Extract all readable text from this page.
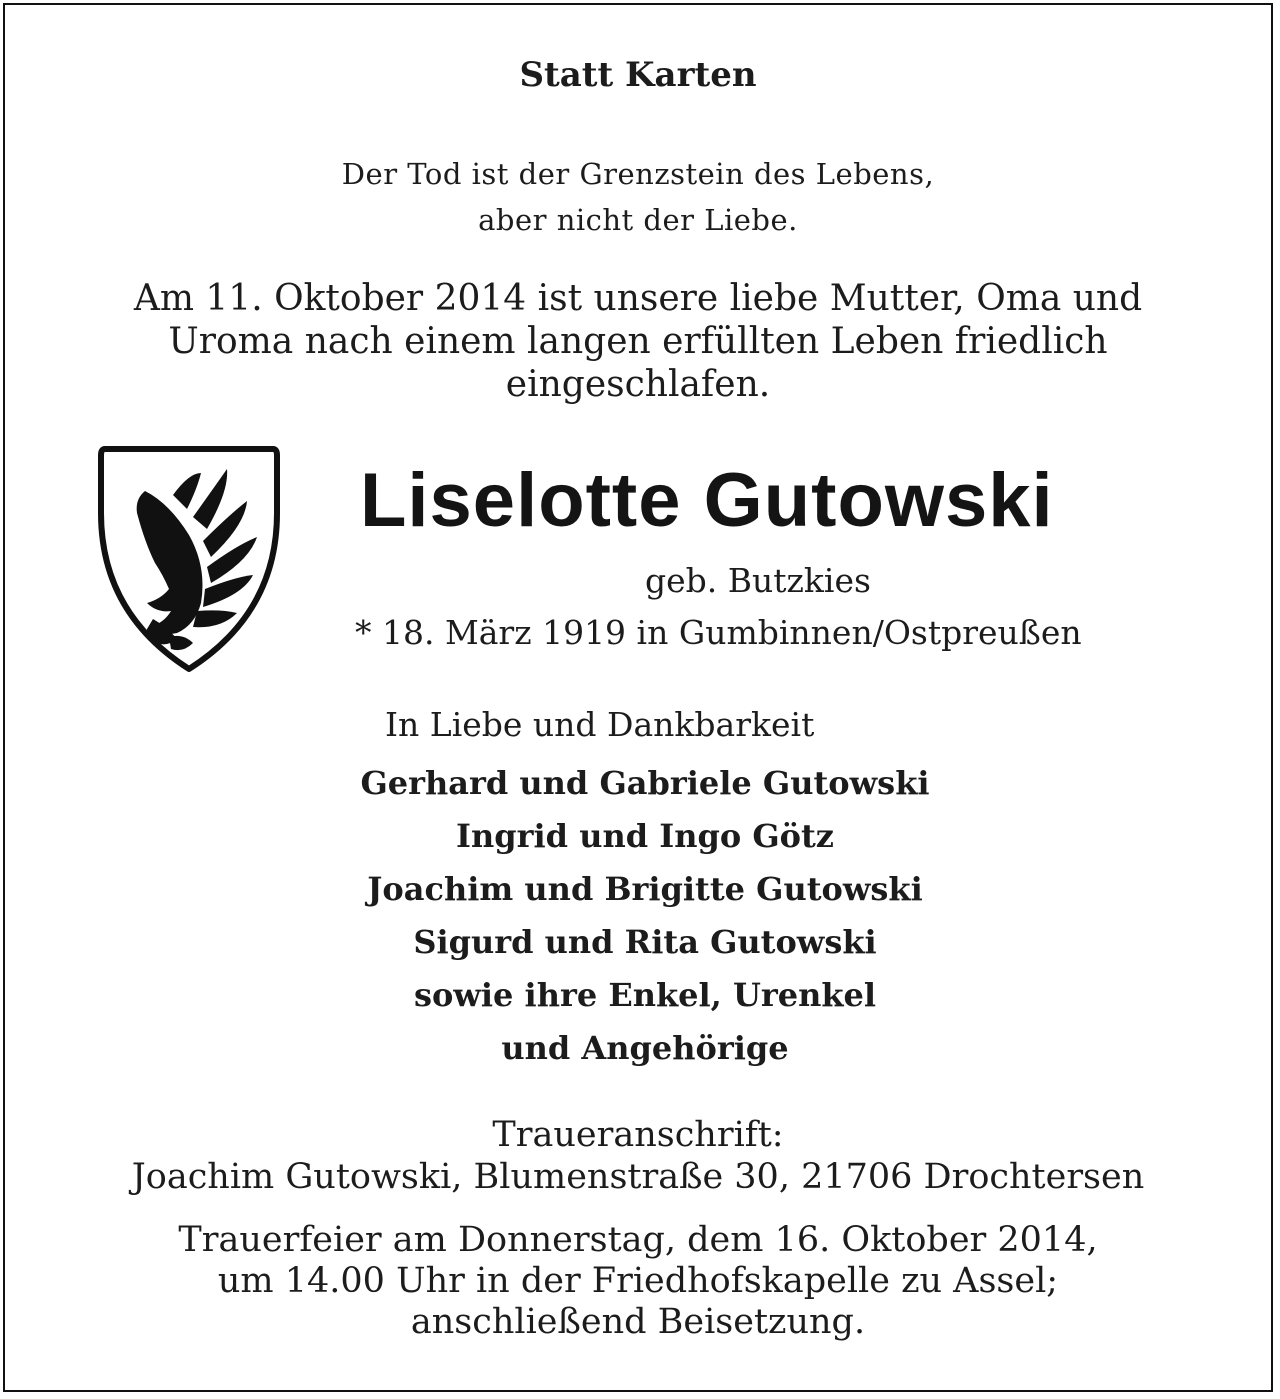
Statt Karten
Der Tod ist der Grenzstein des Lebens,
aber nicht der Liebe.
Am 11. Oktober 2014 ist unsere liebe Mutter, Oma und
Uroma nach einem langen erfüllten Leben friedlich
eingeschlafen.
Liselotte Gutowski
geb. Butzkies
* 18. März 1919 in Gumbinnen/Ostpreußen
In Liebe und Dankbarkeit
Gerhard und Gabriele Gutowski
Ingrid und Ingo Götz
Joachim und Brigitte Gutowski
Sigurd und Rita Gutowski
sowie ihre Enkel, Urenkel
und Angehörige
Traueranschrift:
Joachim Gutowski, Blumenstraße 30, 21706 Drochtersen
Trauerfeier am Donnerstag, dem 16. Oktober 2014,
um 14.00 Uhr in der Friedhofskapelle zu Assel;
anschließend Beisetzung.
